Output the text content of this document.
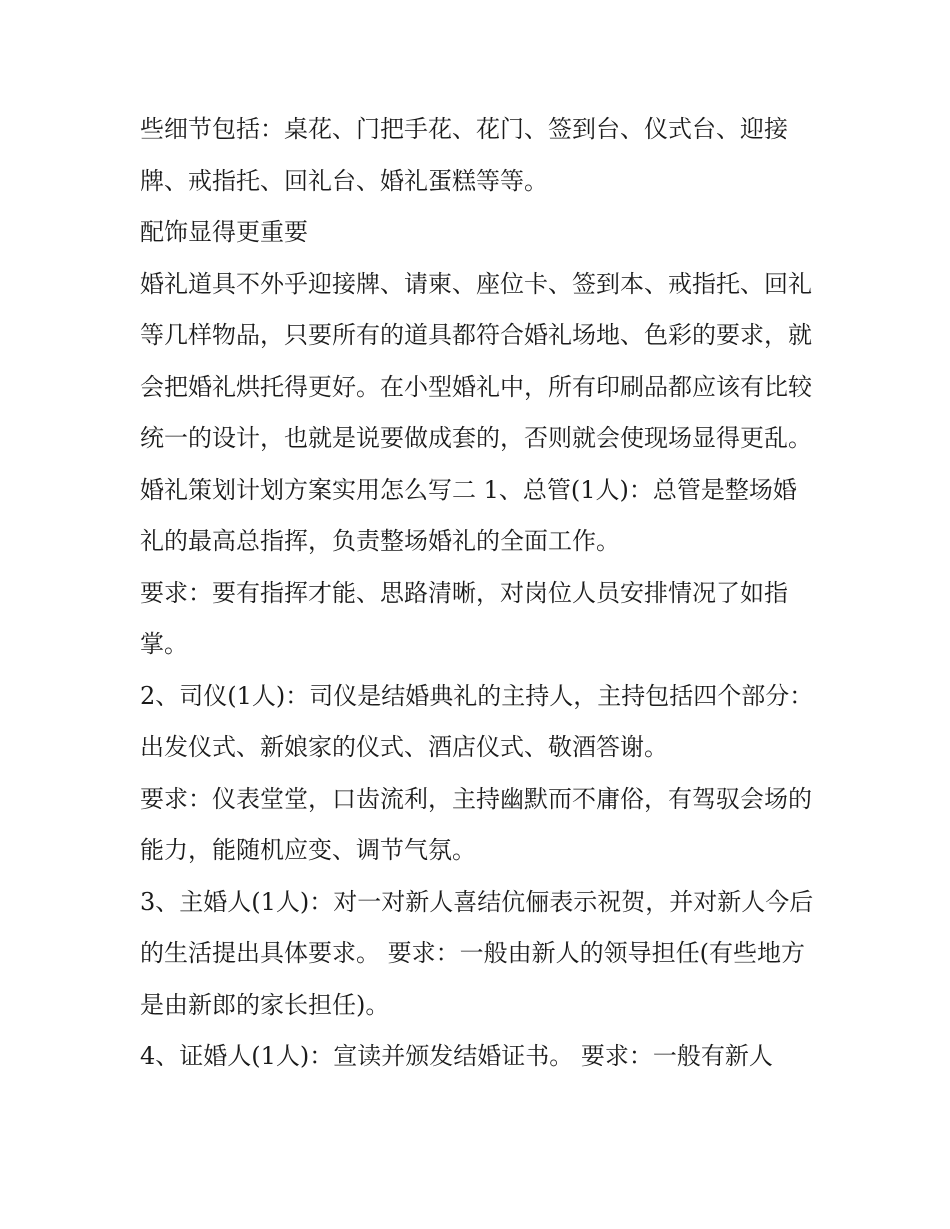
些细节包括：桌花、门把手花、花门、签到台、仪式台、迎接牌、戒指托、回礼台、婚礼蛋糕等等。

配饰显得更重要

婚礼道具不外乎迎接牌、请柬、座位卡、签到本、戒指托、回礼等几样物品，只要所有的道具都符合婚礼场地、色彩的要求，就会把婚礼烘托得更好。在小型婚礼中，所有印刷品都应该有比较统一的设计，也就是说要做成套的，否则就会使现场显得更乱。

婚礼策划计划方案实用怎么写二 1、总管(1人)：总管是整场婚礼的最高总指挥，负责整场婚礼的全面工作。

要求：要有指挥才能、思路清晰，对岗位人员安排情况了如指掌。

2、司仪(1人)：司仪是结婚典礼的主持人，主持包括四个部分：出发仪式、新娘家的仪式、酒店仪式、敬酒答谢。

要求：仪表堂堂，口齿流利，主持幽默而不庸俗，有驾驭会场的能力，能随机应变、调节气氛。

3、主婚人(1人)：对一对新人喜结伉俪表示祝贺，并对新人今后的生活提出具体要求。 要求：一般由新人的领导担任(有些地方是由新郎的家长担任)。

4、证婚人(1人)：宣读并颁发结婚证书。 要求：一般有新人
